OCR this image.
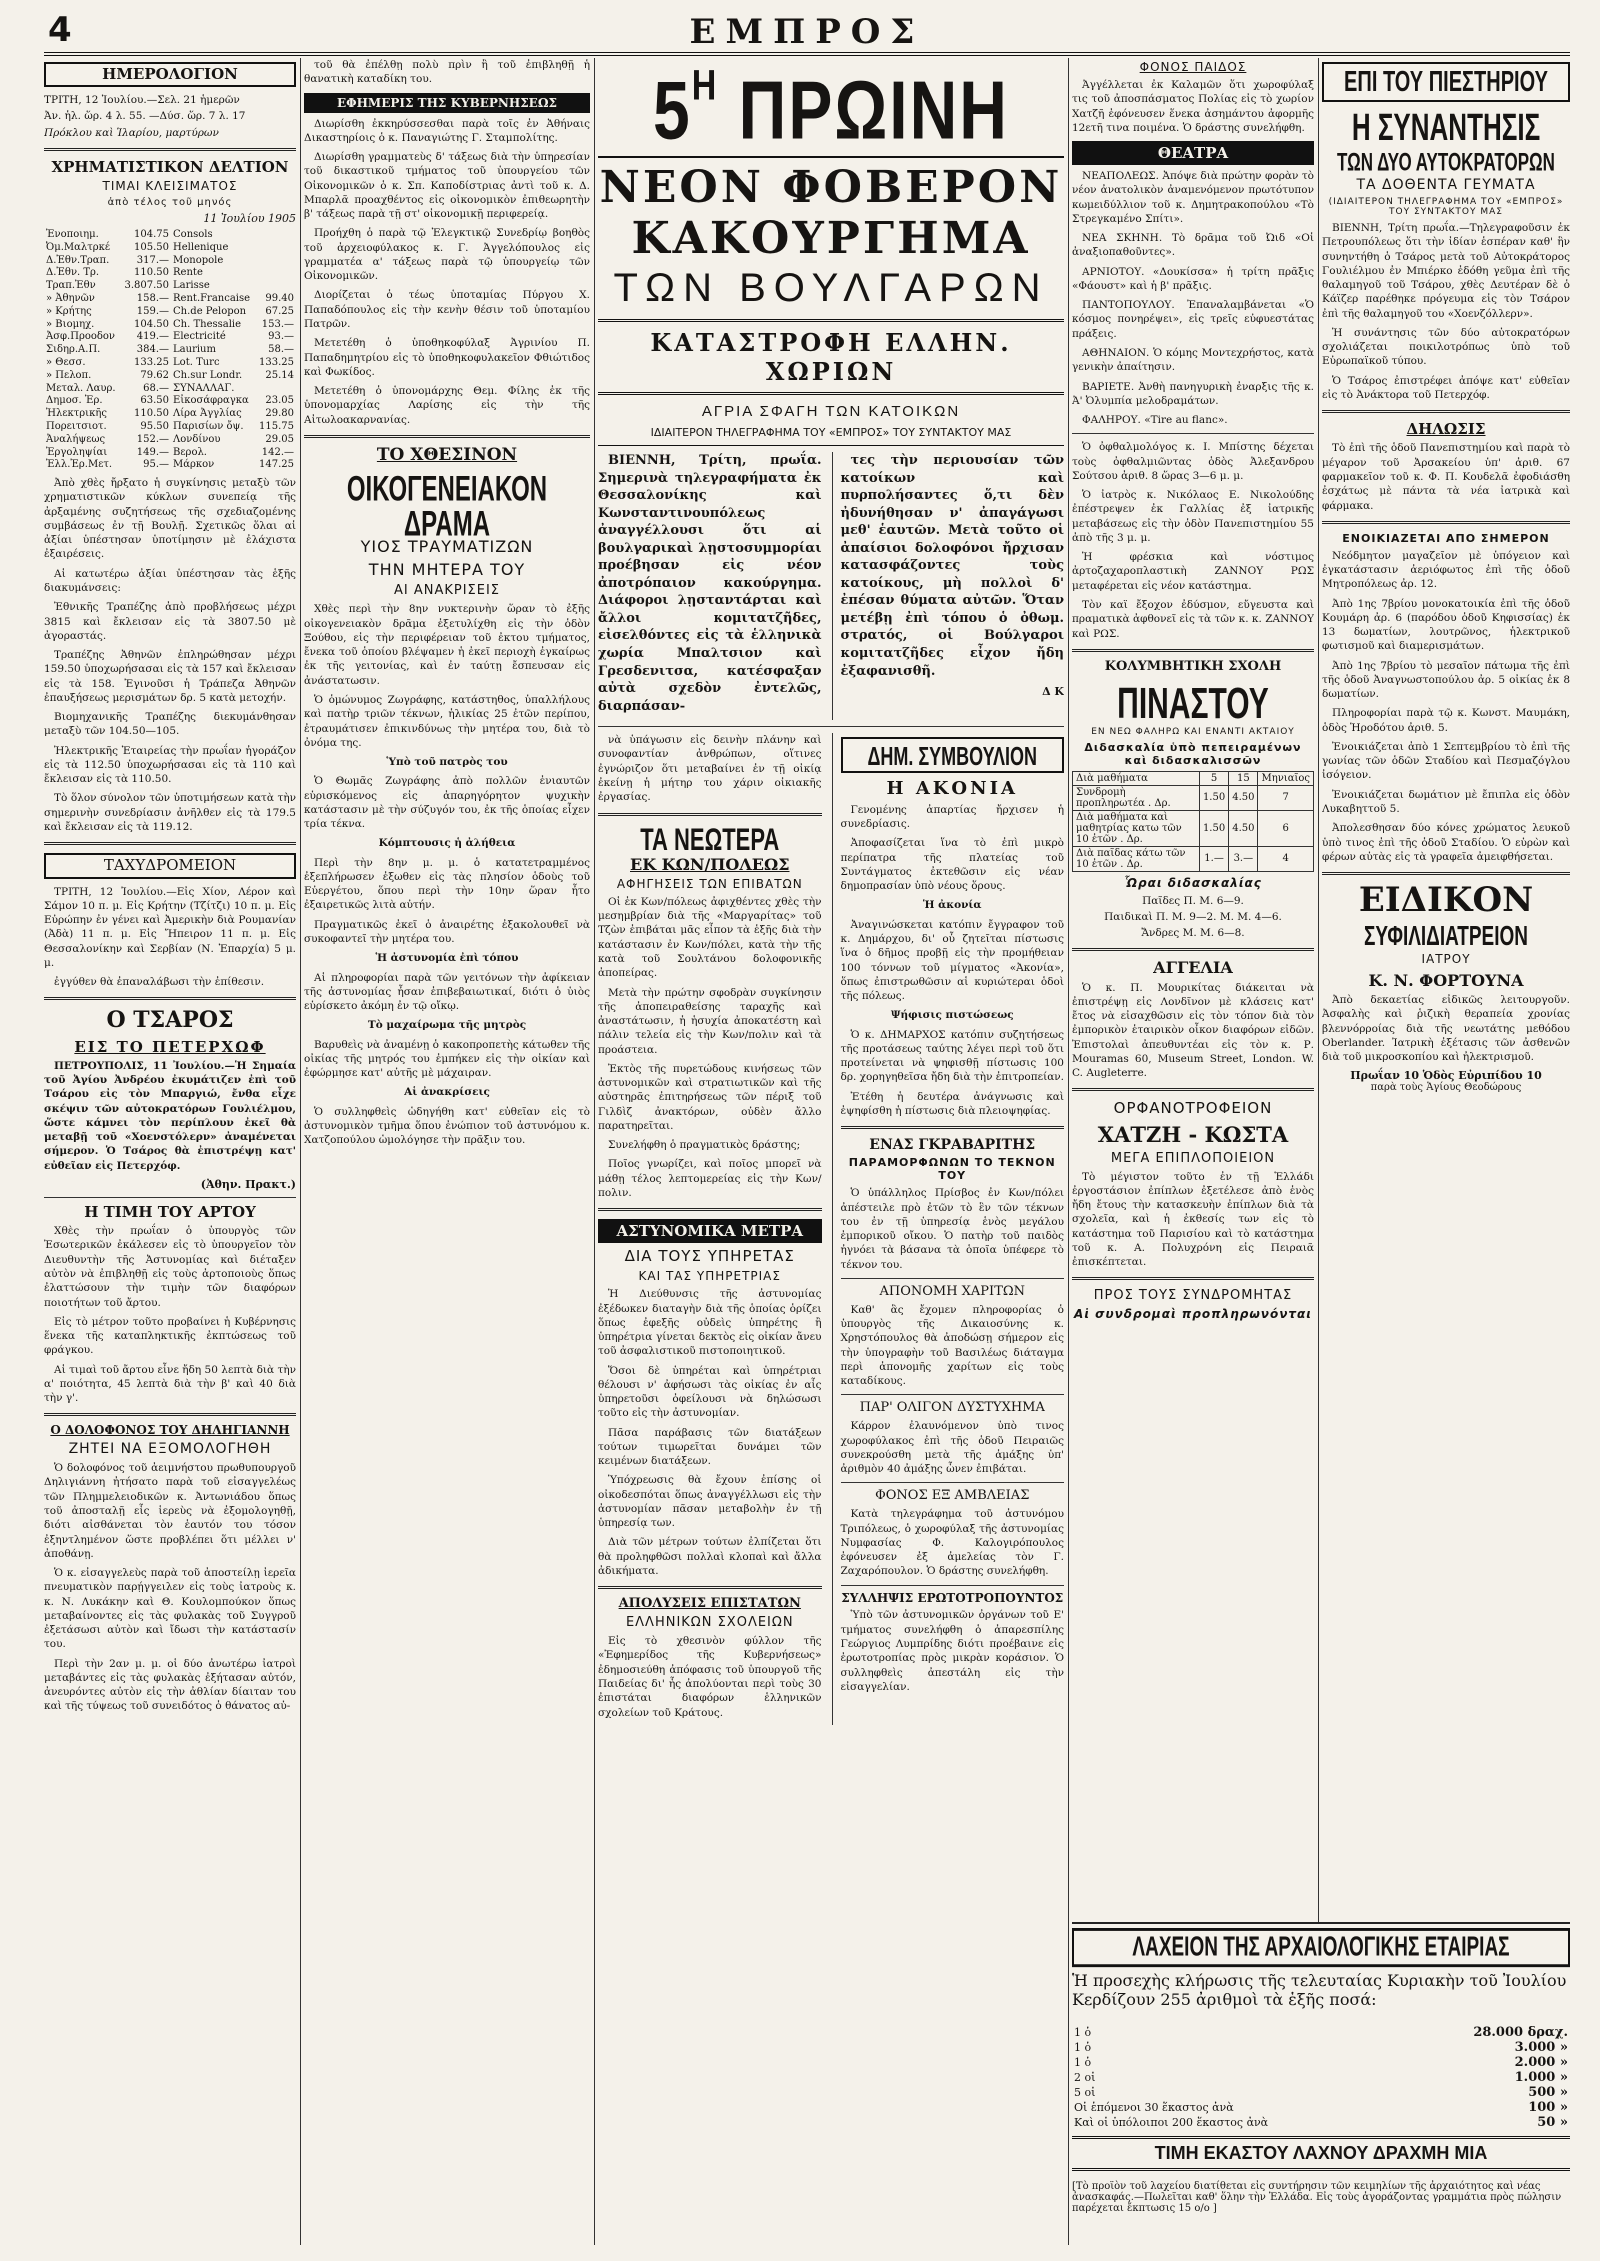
4	ΕΜΠΡΟΣ
ΗΜΕΡΟΛΟΓΙΟΝ
ΤΡΙΤΗ, 12 Ἰουλίου.—Σελ. 21 ἡμερῶν
Ἀν. ἡλ. ὥρ. 4 λ. 55. —Δύσ. ὥρ. 7 λ. 17
Πρόκλου καὶ Ἱλαρίου, μαρτύρων
ΧΡΗΜΑΤΙΣΤΙΚΟΝ ΔΕΛΤΙΟΝ
ΤΙΜΑΙ ΚΛΕΙΣΙΜΑΤΟΣ
ἀπὸ τέλος τοῦ μηνός
11 Ἰουλίου 1905
Ἐνοποιημ.	104.75	Consols	
Ὀμ.Μαλτρκέ	105.50	Hellenique	
Δ.Ἐθν.Τραπ.	317.—	Monopole	
Δ.Ἐθν. Τρ.	110.50	Rente	
Τραπ.Ἐθν	3.807.50	Larisse	
» Ἀθηνῶν	158.—	Rent.Francaise	99.40
» Κρήτης	159.—	Ch.de Pelopon	67.25
» Βιομηχ.	104.50	Ch. Thessalie	153.—
Ἀσφ.Προοδον	419.—	Electricité	93.—
Σιδηρ.Α.Π.	384.—	Laurium	58.—
» Θεσσ.	133.25	Lot. Turc	133.25
» Πελοπ.	79.62	Ch.sur Londr.	25.14
Μεταλ. Λαυρ.	68.—	ΣΥΝΑΛΛΑΓ.	
Δημοσ. Ἐρ.	63.50	Εἰκοσάφραγκα	23.05
Ἠλεκτρικῆς	110.50	Λίρα Ἀγγλίας	29.80
Πορειτσιοτ.	95.50	Παρισίων ὄψ.	115.75
Ἀναλήψεως	152.—	Λονδίνου	29.05
Ἐργοληψίαι	149.—	Βερολ.	142.—
Ἐλλ.Ἐρ.Μετ.	95.—	Μάρκον	147.25

Ἀπὸ χθὲς ἤρξατο ἡ συγκίνησις μεταξὺ τῶν χρηματιστικῶν κύκλων συνεπείᾳ τῆς ἀρξαμένης συζητήσεως τῆς σχεδιαζομένης συμβάσεως ἐν τῇ Βουλῇ. Σχετικῶς ὅλαι αἱ ἀξίαι ὑπέστησαν ὑποτίμησιν μὲ ἐλάχιστα ἐξαιρέσεις.

Αἱ κατωτέρω ἀξίαι ὑπέστησαν τὰς ἑξῆς διακυμάνσεις:

Ἐθνικῆς Τραπέζης ἀπὸ προβλήσεως μέχρι 3815 καὶ ἔκλεισαν εἰς τὰ 3807.50 μὲ ἀγοραστάς.

Τραπέζης Ἀθηνῶν ἐπληρώθησαν μέχρι 159.50 ὑποχωρήσασαι εἰς τὰ 157 καὶ ἔκλεισαν εἰς τὰ 158. Ἐγινοῦσι ἡ Τράπεζα Ἀθηνῶν ἐπαυξήσεως μερισμάτων δρ. 5 κατὰ μετοχήν.

Βιομηχανικῆς Τραπέζης διεκυμάνθησαν μεταξὺ τῶν 104.50—105.

Ἠλεκτρικῆς Ἑταιρείας τὴν πρωΐαν ἠγοράζον εἰς τὰ 112.50 ὑποχωρήσασαι εἰς τὰ 110 καὶ ἔκλεισαν εἰς τὰ 110.50.

Τὸ ὅλον σύνολον τῶν ὑποτιμήσεων κατὰ τὴν σημερινὴν συνεδρίασιν ἀνῆλθεν εἰς τὰ 179.5 καὶ ἔκλεισαν εἰς τὰ 119.12.

ΤΑΧΥΔΡΟΜΕΙΟΝ

ΤΡΙΤΗ, 12 Ἰουλίου.—Εἰς Χίον, Λέρον καὶ Σάμον 10 π. μ. Εἰς Κρήτην (Τζίτζι) 10 π. μ. Εἰς Εὐρώπην ἐν γένει καὶ Ἀμερικὴν διὰ Ρουμανίαν (Ἀδὰ) 11 π. μ. Εἰς Ἤπειρον 11 π. μ. Εἰς Θεσσαλονίκην καὶ Σερβίαν (Ν. Ἐπαρχία) 5 μ. μ.

ἐγγύθεν θὰ ἐπαναλάβωσι τὴν ἐπίθεσιν.

Ο ΤΣΑΡΟΣ
ΕΙΣ ΤΟ ΠΕΤΕΡΧΩΦ

ΠΕΤΡΟΥΠΟΛΙΣ, 11 Ἰουλίου.—Ἡ Σημαία τοῦ Ἀγίου Ἀνδρέου ἐκυμάτιζεν ἐπὶ τοῦ Τσάρου εἰς τὸν Μπαργιώ, ἔνθα εἶχε σκέψιν τῶν αὐτοκρατόρων Γουλιέλμου, ὥστε κάμνει τὸν περίπλουν ἐκεῖ θὰ μεταβῇ τοῦ «Χοενστόλερν» ἀναμένεται σήμερον. Ὁ Τσάρος θὰ ἐπιστρέψῃ κατ' εὐθεῖαν εἰς Πετερχόφ.

(Ἀθην. Πρακτ.)
Η ΤΙΜΗ ΤΟΥ ΑΡΤΟΥ

Χθὲς τὴν πρωΐαν ὁ ὑπουργὸς τῶν Ἐσωτερικῶν ἐκάλεσεν εἰς τὸ ὑπουργεῖον τὸν Διευθυντὴν τῆς Ἀστυνομίας καὶ διέταξεν αὐτὸν νὰ ἐπιβληθῇ εἰς τοὺς ἀρτοποιοὺς ὅπως ἐλαττώσουν τὴν τιμὴν τῶν διαφόρων ποιοτήτων τοῦ ἄρτου.

Εἰς τὸ μέτρον τοῦτο προβαίνει ἡ Κυβέρνησις ἕνεκα τῆς καταπληκτικῆς ἐκπτώσεως τοῦ φράγκου.

Αἱ τιμαὶ τοῦ ἄρτου εἶνε ἤδη 50 λεπτὰ διὰ τὴν α' ποιότητα, 45 λεπτὰ διὰ τὴν β' καὶ 40 διὰ τὴν γ'.

Ο ΔΟΛΟΦΟΝΟΣ ΤΟΥ ΔΗΛΗΓΙΑΝΝΗ
ΖΗΤΕΙ ΝΑ ΕΞΟΜΟΛΟΓΗΘΗ

Ὁ δολοφόνος τοῦ ἀειμνήστου πρωθυπουργοῦ Δηλιγιάννη ἠτήσατο παρὰ τοῦ εἰσαγγελέως τῶν Πλημμελειοδικῶν κ. Ἀντωνιάδου ὅπως τοῦ ἀποσταλῇ εἷς ἱερεὺς νὰ ἐξομολογηθῇ, διότι αἰσθάνεται τὸν ἑαυτόν του τόσον ἐξηντλημένον ὥστε προβλέπει ὅτι μέλλει ν' ἀποθάνῃ.

Ὁ κ. εἰσαγγελεὺς παρὰ τοῦ ἀποστείλῃ ἰερεῖα πνευματικὸν παρῄγγειλεν εἰς τοὺς ἰατροὺς κ. κ. Ν. Λυκάκην καὶ Θ. Κουλομπούκον ὅπως μεταβαίνοντες εἰς τὰς φυλακὰς τοῦ Συγγροῦ ἐξετάσωσι αὐτὸν καὶ ἴδωσι τὴν κατάστασίν του.

Περὶ τὴν 2αν μ. μ. οἱ δύο ἀνωτέρω ἰατροὶ μεταβάντες εἰς τὰς φυλακὰς ἐξήτασαν αὐτόν, ἀνευρόντες αὐτὸν εἰς τὴν ἀθλίαν δίαιταν του καὶ τῆς τύψεως τοῦ συνειδότος ὁ θάνατος αὐ-

τοῦ θὰ ἐπέλθῃ πολὺ πρὶν ἢ τοῦ ἐπιβληθῇ ἡ θανατικὴ καταδίκη του.

ΕΦΗΜΕΡΙΣ ΤΗΣ ΚΥΒΕΡΝΗΣΕΩΣ

Διωρίσθη ἐκκηρύσσεσθαι παρὰ τοῖς ἐν Ἀθήναις Δικαστηρίοις ὁ κ. Παναγιώτης Γ. Σταμπολίτης.

Διωρίσθη γραμματεὺς δ' τάξεως διὰ τὴν ὑπηρεσίαν τοῦ δικαστικοῦ τμήματος τοῦ ὑπουργείου τῶν Οἰκονομικῶν ὁ κ. Σπ. Καποδίστριας ἀντὶ τοῦ κ. Δ. Μπαρλᾶ προαχθέντος εἰς οἰκονομικὸν ἐπιθεωρητὴν β' τάξεως παρὰ τῇ στ' οἰκονομικῇ περιφερείᾳ.

Προήχθη ὁ παρὰ τῷ Ἐλεγκτικῷ Συνεδρίῳ βοηθὸς τοῦ ἀρχειοφύλακος κ. Γ. Ἀγγελόπουλος εἰς γραμματέα α' τάξεως παρὰ τῷ ὑπουργείῳ τῶν Οἰκονομικῶν.

Διορίζεται ὁ τέως ὑποταμίας Πύργου Χ. Παπαδόπουλος εἰς τὴν κενὴν θέσιν τοῦ ὑποταμίου Πατρῶν.

Μετετέθη ὁ ὑποθηκοφύλαξ Ἀγρινίου Π. Παπαδημητρίου εἰς τὸ ὑποθηκοφυλακεῖον Φθιώτιδος καὶ Φωκίδος.

Μετετέθη ὁ ὑπονομάρχης Θεμ. Φίλης ἐκ τῆς ὑπονομαρχίας Λαρίσης εἰς τὴν τῆς Αἰτωλοακαρνανίας.

ΤΟ ΧΘΕΣΙΝΟΝ
ΟΙΚΟΓΕΝΕΙΑΚΟΝ ΔΡΑΜΑ
ΥΙΟΣ ΤΡΑΥΜΑΤΙΖΩΝ
ΤΗΝ ΜΗΤΕΡΑ ΤΟΥ
ΑΙ ΑΝΑΚΡΙΣΕΙΣ

Χθὲς περὶ τὴν 8ην νυκτερινὴν ὥραν τὸ ἐξῆς οἰκογενειακὸν δρᾶμα ἐξετυλίχθη εἰς τὴν ὁδὸν Ξούθου, εἰς τὴν περιφέρειαν τοῦ ἐκτου τμήματος, ἔνεκα τοῦ ὁποίου βλέψαμεν ἡ ἐκεῖ περιοχὴ ἐγκαίρως ἐκ τῆς γειτονίας, καὶ ἐν ταύτῃ ἔσπευσαν εἰς ἀνάστατωσιν.

Ὁ ὁμώνυμος Ζωγράφης, κατάστηθος, ὑπαλλήλους καὶ πατὴρ τριῶν τέκνων, ἡλικίας 25 ἐτῶν περίπου, ἐτραυμάτισεν ἐπικινδύνως τὴν μητέρα του, διὰ τὸ ὀνόμα της.

Ὑπὸ τοῦ πατρὸς του

Ὁ Θωμᾶς Ζωγράφης ἀπὸ πολλῶν ἐνιαυτῶν εὑρισκόμενος εἰς ἀπαρηγόρητον ψυχικὴν κατάστασιν μὲ τὴν σύζυγόν του, ἐκ τῆς ὁποίας εἶχεν τρία τέκνα.

Κόμπτουσις ἡ ἀλήθεια

Περὶ τὴν 8ην μ. μ. ὁ κατατετραμμένος ἐξεπλήρωσεν ἐξωθεν εἰς τὰς πλησίον ὁδοὺς τοῦ Εὐεργέτου, ὅπου περὶ τὴν 10ην ὥραν ἦτο ἐξαιρετικῶς λιτὰ αὐτήν.

Πραγματικῶς ἐκεῖ ὁ ἀναιρέτης ἐξακολουθεῖ νὰ συκοφαντεῖ τὴν μητέρα του.

Ἡ ἀστυνομία ἐπὶ τόπου

Αἱ πληροφορίαι παρὰ τῶν γειτόνων τὴν ἀφίκειαν τῆς ἀστυνομίας ἦσαν ἐπιβεβαιωτικαί, διότι ὁ ὑιὸς εὑρίσκετο ἀκόμη ἐν τῷ οἴκῳ.

Τὸ μαχαίρωμα τῆς μητρὸς

Βαρυθεὶς νὰ ἀναμένῃ ὁ κακοπροπετὴς κάτωθεν τῆς οἰκίας τῆς μητρός του ἐμπήκεν εἰς τὴν οἰκίαν καὶ ἐφώρμησε κατ' αὐτῆς μὲ μάχαιραν.

Αἱ ἀνακρίσεις

Ὁ συλληφθεὶς ὡδηγήθη κατ' εὐθεῖαν εἰς τὸ ἀστυνομικὸν τμῆμα ὅπου ἐνώπιον τοῦ ἀστυνόμου κ. Χατζοπούλου ὡμολόγησε τὴν πρᾶξιν του.

$5^H$ ΠΡΩΙΝΗ
ΝΕΟΝ ΦΟΒΕΡΟΝ ΚΑΚΟΥΡΓΗΜΑ
ΤΩΝ ΒΟΥΛΓΑΡΩΝ
ΚΑΤΑΣΤΡΟΦΗ ΕΛΛΗΝ. ΧΩΡΙΩΝ
ΑΓΡΙΑ ΣΦΑΓΗ ΤΩΝ ΚΑΤΟΙΚΩΝ
ΙΔΙΑΙΤΕΡΟΝ ΤΗΛΕΓΡΑΦΗΜΑ ΤΟΥ «ΕΜΠΡΟΣ» ΤΟΥ ΣΥΝΤΑΚΤΟΥ ΜΑΣ

ΒΙΕΝΝΗ, Τρίτη, πρωΐα. Σημερινὰ τηλεγραφήματα ἐκ Θεσσαλονίκης καὶ Κωνσταντινουπόλεως ἀναγγέλλουσι ὅτι αἱ βουλγαρικαὶ λῃστοσυμμορίαι προέβησαν εἰς νέον ἀποτρόπαιον κακούργημα. Διάφοροι λῃσταντάρται καὶ ἄλλοι κομιτατζῆδες, εἰσελθόντες εἰς τὰ ἑλληνικὰ χωρία Μπαλτσιον καὶ Γρεσδενιτσα, κατέσφαξαν αὐτὰ σχεδὸν ἐντελῶς, διαρπάσαν-

τες τὴν περιουσίαν τῶν κατοίκων καὶ πυρπολήσαντες ὅ,τι δὲν ἠδυνήθησαν ν' ἀπαγάγωσι μεθ' ἑαυτῶν. Μετὰ τοῦτο οἱ ἀπαίσιοι δολοφόνοι ἤρχισαν κατασφάζοντες τοὺς κατοίκους, μὴ πολλοὶ δ' ἐπέσαν θύματα αὐτῶν. Ὅταν μετέβῃ ἐπὶ τόπου ὁ ὀθωμ. στρατός, οἱ Βούλγαροι κομιτατζῆδες εἶχον ἤδη ἐξαφανισθῆ.

Δ Κ

νὰ ὑπάγωσιν εἰς δεινὴν πλάνην καὶ συνοφαντίαν ἀνθρώπων, οἵτινες ἐγνώριζον ὅτι μεταβαίνει ἐν τῇ οἰκίᾳ ἐκείνῃ ἡ μήτηρ του χάριν οἰκιακῆς ἐργασίας.

ΤΑ ΝΕΩΤΕΡΑ
ΕΚ ΚΩΝ/ΠΟΛΕΩΣ
ΑΦΗΓΗΣΕΙΣ ΤΩΝ ΕΠΙΒΑΤΩΝ

Οἱ ἐκ Κων/πόλεως ἀφιχθέντες χθὲς τὴν μεσημβρίαν διὰ τῆς «Μαργαρίτας» τοῦ Τζὼν ἐπιβάται μᾶς εἶπον τὰ ἑξῆς διὰ τὴν κατάστασιν ἐν Κων/πόλει, κατὰ τὴν τῆς κατὰ τοῦ Σουλτάνου δολοφονικῆς ἀποπείρας.

Μετὰ τὴν πρώτην σφοδρὰν συγκίνησιν τῆς ἀποπειραθείσης ταραχῆς καὶ ἀναστάτωσιν, ἡ ἡσυχία ἀποκατέστη καὶ πάλιν τελεία εἰς τὴν Κων/πολιν καὶ τὰ προάστεια.

Ἐκτὸς τῆς πυρετώδους κινήσεως τῶν ἀστυνομικῶν καὶ στρατιωτικῶν καὶ τῆς αὐστηρᾶς ἐπιτηρήσεως τῶν πέριξ τοῦ Γιλδὶζ ἀνακτόρων, οὐδὲν ἄλλο παρατηρεῖται.

Συνελήφθη ὁ πραγματικὸς δράστης;

Ποῖος γνωρίζει, καὶ ποῖος μπορεῖ νὰ μάθῃ τέλος λεπτομερείας εἰς τὴν Κων/πολιν.

ΑΣΤΥΝΟΜΙΚΑ ΜΕΤΡΑ
ΔΙΑ ΤΟΥΣ ΥΠΗΡΕΤΑΣ
ΚΑΙ ΤΑΣ ΥΠΗΡΕΤΡΙΑΣ

Ἡ Διεύθυνσις τῆς ἀστυνομίας ἐξέδωκεν διαταγὴν διὰ τῆς ὁποίας ὁρίζει ὅπως ἐφεξῆς οὐδεὶς ὑπηρέτης ἢ ὑπηρέτρια γίνεται δεκτὸς εἰς οἰκίαν ἄνευ τοῦ ἀσφαλιστικοῦ πιστοποιητικοῦ.

Ὅσοι δὲ ὑπηρέται καὶ ὑπηρέτριαι θέλουσι ν' ἀφήσωσι τὰς οἰκίας ἐν αἷς ὑπηρετοῦσι ὀφείλουσι νὰ δηλώσωσι τοῦτο εἰς τὴν ἀστυνομίαν.

Πᾶσα παράβασις τῶν διατάξεων τούτων τιμωρεῖται δυνάμει τῶν κειμένων διατάξεων.

Ὑπόχρεωσις θὰ ἔχουν ἐπίσης οἱ οἰκοδεσπόται ὅπως ἀναγγέλλωσι εἰς τὴν ἀστυνομίαν πᾶσαν μεταβολὴν ἐν τῇ ὑπηρεσίᾳ των.

Διὰ τῶν μέτρων τούτων ἐλπίζεται ὅτι θὰ προληφθῶσι πολλαὶ κλοπαὶ καὶ ἄλλα ἀδικήματα.

ΑΠΟΛΥΣΕΙΣ ΕΠΙΣΤΑΤΩΝ
ΕΛΛΗΝΙΚΩΝ ΣΧΟΛΕΙΩΝ

Εἰς τὸ χθεσινὸν φύλλον τῆς «Ἐφημερίδος τῆς Κυβερνήσεως» ἐδημοσιεύθη ἀπόφασις τοῦ ὑπουργοῦ τῆς Παιδείας δι' ἧς ἀπολύονται περὶ τοὺς 30 ἐπιστάται διαφόρων ἑλληνικῶν σχολείων τοῦ Κράτους.

ΔΗΜ. ΣΥΜΒΟΥΛΙΟΝ
Η ΑΚΟΝΙΑ

Γενομένης ἀπαρτίας ἤρχισεν ἡ συνεδρίασις.

Ἀποφασίζεται ἵνα τὸ ἐπὶ μικρὸ περίπατρα τῆς πλατείας τοῦ Συντάγματος ἐκτεθῶσιν εἰς νέαν δημοπρασίαν ὑπὸ νέους ὅρους.

Ἡ ἀκονία

Ἀναγινώσκεται κατόπιν ἔγγραφον τοῦ κ. Δημάρχου, δι' οὗ ζητεῖται πίστωσις ἵνα ὁ δῆμος προβῇ εἰς τὴν προμήθειαν 100 τόννων τοῦ μίγματος «Ἀκονία», ὅπως ἐπιστρωθῶσιν αἱ κυριώτεραι ὁδοὶ τῆς πόλεως.

Ψήφισις πιστώσεως

Ὁ κ. ΔΗΜΑΡΧΟΣ κατόπιν συζητήσεως τῆς προτάσεως ταύτης λέγει περὶ τοῦ ὅτι προτείνεται νὰ ψηφισθῇ πίστωσις 100 δρ. χορηγηθεῖσα ἤδη διὰ τὴν ἐπιτροπείαν.

Ἐτέθη ἡ δευτέρα ἀνάγνωσις καὶ ἐψηφίσθη ἡ πίστωσις διὰ πλειοψηφίας.

ΕΝΑΣ ΓΚΡΑΒΑΡΙΤΗΣ
ΠΑΡΑΜΟΡΦΩΝΩΝ ΤΟ ΤΕΚΝΟΝ ΤΟΥ

Ὁ ὑπάλληλος Πρίσβος ἐν Κων/πόλει ἀπέστειλε πρὸ ἐτῶν τὸ ἓν τῶν τέκνων του ἐν τῇ ὑπηρεσίᾳ ἑνὸς μεγάλου ἐμπορικοῦ οἴκου. Ὁ πατὴρ τοῦ παιδὸς ἠγνόει τὰ βάσανα τὰ ὁποῖα ὑπέφερε τὸ τέκνον του.

ΑΠΟΝΟΜΗ ΧΑΡΙΤΩΝ

Καθ' ἃς ἔχομεν πληροφορίας ὁ ὑπουργὸς τῆς Δικαιοσύνης κ. Χρηστόπουλος θὰ ἀποδώσῃ σήμερον εἰς τὴν ὑπογραφὴν τοῦ Βασιλέως διάταγμα περὶ ἀπονομῆς χαρίτων εἰς τοὺς καταδίκους.

ΠΑΡ' ΟΛΙΓΟΝ ΔΥΣΤΥΧΗΜΑ

Κάρρον ἐλαυνόμενον ὑπὸ τινος χωροφύλακος ἐπὶ τῆς ὁδοῦ Πειραιῶς συνεκρούσθη μετὰ τῆς ἁμάξης ὑπ' ἀριθμὸν 40 ἀμάξης ὧνεν ἐπιβάται.

ΦΟΝΟΣ ΕΞ ΑΜΒΛΕΙΑΣ

Κατὰ τηλεγράφημα τοῦ ἀστυνόμου Τριπόλεως, ὁ χωροφύλαξ τῆς ἀστυνομίας Νυμφασίας Φ. Καλογιρόπουλος ἐφόνευσεν ἐξ ἀμελείας τὸν Γ. Ζαχαρόπουλον. Ὁ δράστης συνελήφθη.

ΣΥΛΛΗΨΙΣ ΕΡΩΤΟΤΡΟΠΟΥΝΤΟΣ

Ὑπὸ τῶν ἀστυνομικῶν ὀργάνων τοῦ Ε' τμήματος συνελήφθη ὁ ἀπαρεσπίλης Γεώργιος Λυμπρίδης διότι προέβαινε εἰς ἐρωτοτροπίας πρὸς μικρὰν κοράσιον. Ὁ συλληφθεὶς ἀπεστάλη εἰς τὴν εἰσαγγελίαν.

ΦΟΝΟΣ ΠΑΙΔΟΣ

Ἀγγέλλεται ἐκ Καλαμῶν ὅτι χωροφύλαξ τις τοῦ ἀποσπάσματος Πολίας εἰς τὸ χωρίον Χατζῆ ἐφόνευσεν ἕνεκα ἀσημάντου ἀφορμῆς 12ετῆ τινα ποιμένα. Ὁ δράστης συνελήφθη.

ΘΕΑΤΡΑ

ΝΕΑΠΟΛΕΩΣ. Ἀπόψε διὰ πρώτην φορὰν τὸ νέον ἀνατολικὸν ἀναμενόμενον πρωτότυπον κωμειδύλλιον τοῦ κ. Δημητρακοπούλου «Τὸ Στρεγκαμένο Σπίτι».

ΝΕΑ ΣΚΗΝΗ. Τὸ δρᾶμα τοῦ Ὠιδ «Οἱ ἀναξιοπαθοῦντες».

ΑΡΝΙΟΤΟΥ. «Δουκίσσα» ἡ τρίτη πρᾶξις «Φάουστ» καὶ ἡ β' πρᾶξις.

ΠΑΝΤΟΠΟΥΛΟΥ. Ἐπαναλαμβάνεται «Ὁ κόσμος πονηρέψει», εἰς τρεῖς εὐφυεστάτας πράξεις.

ΑΘΗΝΑΙΟΝ. Ὁ κόμης Μοντεχρήστος, κατὰ γενικὴν ἀπαίτησιν.

ΒΑΡΙΕΤΕ. Ἀνθὴ πανηγυρικὴ ἐναρξις τῆς κ. Ἀ' Ὀλυμπία μελοδραμάτων.

ΦΑΛΗΡΟΥ. «Tire au flanc».

Ὁ ὀφθαλμολόγος κ. Ι. Μπίστης δέχεται τοὺς ὀφθαλμιῶντας ὁδὸς Ἀλεξανδρου Σούτσου ἀριθ. 8 ὥρας 3—6 μ. μ.

Ὁ ἰατρὸς κ. Νικόλαος Ε. Νικολούδης ἐπέστρεψεν ἐκ Γαλλίας ἐξ ἰατρικῆς μεταβάσεως εἰς τὴν ὁδὸν Πανεπιστημίου 55 ἀπὸ τῆς 3 μ. μ.

Ἡ φρέσκια καὶ νόστιμος ἀρτοζαχαροπλαστικὴ ΖΑΝΝΟΥ ΡΩΣ μεταφέρεται εἰς νέον κατάστημα.

Τὸν καϊ ἔξοχον ἐδύσμον, εὔγευστα καὶ πραματικὰ ἀφθονεῖ εἰς τὰ τῶν κ. κ. ΖΑΝΝΟΥ καὶ ΡΩΣ.

ΚΟΛΥΜΒΗΤΙΚΗ ΣΧΟΛΗ
ΠΙΝΑΣΤΟΥ
ΕΝ ΝΕΩ ΦΑΛΗΡΩ ΚΑΙ ΕΝΑΝΤΙ ΑΚΤΑΙΟΥ
Διδασκαλία ὑπὸ πεπειραμένων καὶ διδασκαλισσῶν
Διὰ μαθήματα	5	15	Μηνιαῖος
Συνδρομὴ προπληρωτέα . Δρ.	1.50	4.50	7
Διὰ μαθήματα καὶ μαθητρίας κατω τῶν 10 ἐτῶν . Δρ.	1.50	4.50	6
Διὰ παῖδας κάτω τῶν 10 ἐτῶν . Δρ.	1.—	3.—	4
Ὧραι διδασκαλίας
Παῖδες Π. Μ. 6—9.
Παιδικαὶ Π. Μ. 9—2. Μ. Μ. 4—6.
Ἄνδρες Μ. Μ. 6—8.
ΑΓΓΕΛΙΑ

Ὁ κ. Π. Μουρικίτας διάκειται νὰ ἐπιστρέψῃ εἰς Λονδῖνον μὲ κλάσεις κατ' ἔτος νὰ εἰσαχθῶσιν εἰς τὸν τόπον διὰ τὸν ἐμπορικὸν ἑταιρικὸν οἶκον διαφόρων εἰδῶν. Ἐπιστολαὶ ἀπευθυντέαι εἰς τὸν κ. Ρ. Μοuramas 60, Museum Street, London. W. C. Augleterre.

ΟΡΦΑΝΟΤΡΟΦΕΙΟΝ
ΧΑΤΖΗ - ΚΩΣΤΑ
ΜΕΓΑ ΕΠΙΠΛΟΠΟΙΕΙΟΝ

Τὸ μέγιστον τοῦτο ἐν τῇ Ἑλλάδι ἐργοστάσιον ἐπίπλων ἐξετέλεσε ἀπὸ ἑνὸς ἤδη ἔτους τὴν κατασκευὴν ἐπίπλων διὰ τὰ σχολεῖα, καὶ ἡ ἐκθεσίς των εἰς τὸ κατάστημα τοῦ Παρισίου καὶ τὸ κατάστημα τοῦ κ. Α. Πολυχρόνη εἰς Πειραιᾶ ἐπισκέπτεται.

ΠΡΟΣ ΤΟΥΣ ΣΥΝΔΡΟΜΗΤΑΣ
Αἱ συνδρομαὶ προπληρωνόνται
ΕΠΙ ΤΟΥ ΠΙΕΣΤΗΡΙΟΥ
Η ΣΥΝΑΝΤΗΣΙΣ
ΤΩΝ ΔΥΟ ΑΥΤΟΚΡΑΤΟΡΩΝ
ΤΑ ΔΟΘΕΝΤΑ ΓΕΥΜΑΤΑ
(ΙΔΙΑΙΤΕΡΟΝ ΤΗΛΕΓΡΑΦΗΜΑ ΤΟΥ «ΕΜΠΡΟΣ» ΤΟΥ ΣΥΝΤΑΚΤΟΥ ΜΑΣ

ΒΙΕΝΝΗ, Τρίτη πρωΐα.—Τηλεγραφοῦσιν ἐκ Πετρουπόλεως ὅτι τὴν ἰδίαν ἑσπέραν καθ' ἣν συνηντήθη ὁ Τσάρος μετὰ τοῦ Αὐτοκράτορος Γουλιέλμου ἐν Μπιέρκο ἐδόθη γεῦμα ἐπὶ τῆς θαλαμηγοῦ τοῦ Τσάρου, χθὲς Δευτέραν δὲ ὁ Κάϊζερ παρέθηκε πρόγευμα εἰς τὸν Τσάρον ἐπὶ τῆς θαλαμηγοῦ του «Χοενζόλλερν».

Ἡ συνάντησις τῶν δύο αὐτοκρατόρων σχολιάζεται ποικιλοτρόπως ὑπὸ τοῦ Εὐρωπαϊκοῦ τύπου.

Ὁ Τσάρος ἐπιστρέφει ἀπόψε κατ' εὐθεῖαν εἰς τὸ Ἀνάκτορα τοῦ Πετερχόφ.

ΔΗΛΩΣΙΣ

Τὸ ἐπὶ τῆς ὁδοῦ Πανεπιστημίου καὶ παρὰ τὸ μέγαρον τοῦ Ἀρσακείου ὑπ' ἀριθ. 67 φαρμακεῖον τοῦ κ. Φ. Π. Κουδελᾶ ἐφοδιάσθη ἐσχάτως μὲ πάντα τὰ νέα ἰατρικὰ καὶ φάρμακα.

ΕΝΟΙΚΙΑΖΕΤΑΙ ΑΠΟ ΣΗΜΕΡΟΝ

Νεόδμητον μαγαζεῖον μὲ ὑπόγειον καὶ ἐγκατάστασιν ἀεριόφωτος ἐπὶ τῆς ὁδοῦ Μητροπόλεως ἀρ. 12.

Ἀπὸ 1ης 7βρίου μονοκατοικία ἐπὶ τῆς ὁδοῦ Κουμάρη ἀρ. 6 (παρόδου ὁδοῦ Κηφισσίας) ἐκ 13 δωματίων, λουτρῶνος, ἡλεκτρικοῦ φωτισμοῦ καὶ διαμερισμάτων.

Ἀπὸ 1ης 7βρίου τὸ μεσαῖον πάτωμα τῆς ἐπὶ τῆς ὁδοῦ Ἀναγνωστοπούλου ἀρ. 5 οἰκίας ἐκ 8 δωματίων.

Πληροφορίαι παρὰ τῷ κ. Κωνστ. Μαυμάκη, ὁδὸς Ἡροδότου ἀριθ. 5.

Ἐνοικιάζεται ἀπὸ 1 Σεπτεμβρίου τὸ ἐπὶ τῆς γωνίας τῶν ὁδῶν Σταδίου καὶ Πεσμαζόγλου ἰσόγειον.

Ἐνοικιάζεται δωμάτιον μὲ ἔπιπλα εἰς ὁδὸν Λυκαβηττοῦ 5.

Ἀπολεσθησαν δύο κόνες χρώματος λευκοῦ ὑπὸ τινος ἐπὶ τῆς ὁδοῦ Σταδίου. Ὁ εὑρὼν καὶ φέρων αὐτὰς εἰς τὰ γραφεῖα ἀμειφθήσεται.

ΕΙΔΙΚΟΝ
ΣΥΦΙΛΙΔΙΑΤΡΕΙΟΝ
ΙΑΤΡΟΥ
Κ. Ν. ΦΟΡΤΟΥΝΑ

Ἀπὸ δεκαετίας εἰδικῶς λειτουργοῦν. Ἀσφαλὴς καὶ ῥιζικὴ θεραπεία χρονίας βλεννόρροίας διὰ τῆς νεωτάτης μεθόδου Oberlander. Ἰατρικὴ ἐξέτασις τῶν ἀσθενῶν διὰ τοῦ μικροσκοπίου καὶ ἠλεκτρισμοῦ.

Πρωΐαν 10 Ὁδὸς Εὐριπίδου 10
παρὰ τοὺς Ἁγίους Θεοδώρους
ΛΑΧΕΙΟΝ ΤΗΣ ΑΡΧΑΙΟΛΟΓΙΚΗΣ ΕΤΑΙΡΙΑΣ

Ἡ προσεχὴς κλήρωσις τῆς τελευταίας Κυριακὴν τοῦ Ἰουλίου Κερδίζουν 255 ἀριθμοὶ τὰ ἑξῆς ποσά:

1 ὁ	28.000 δραχ.
1 ὁ	3.000 »
1 ὁ	2.000 »
2 οἱ	1.000 »
5 οἱ	500 »
Οἱ ἑπόμενοι 30 ἕκαστος ἀνὰ	100 »
Καὶ οἱ ὑπόλοιποι 200 ἕκαστος ἀνὰ	50 »
ΤΙΜΗ ΕΚΑΣΤΟΥ ΛΑΧΝΟΥ ΔΡΑΧΜΗ ΜΙΑ

[Τὸ προϊὸν τοῦ λαχείου διατίθεται εἰς συντήρησιν τῶν κειμηλίων τῆς ἀρχαιότητος καὶ νέας ἀνασκαφάς.—Πωλεῖται καθ' ὅλην τὴν Ἑλλάδα. Εἰς τοὺς ἀγοράζοντας γραμμάτια πρὸς πώλησιν παρέχεται ἔκπτωσις 15 ο/ο ]
